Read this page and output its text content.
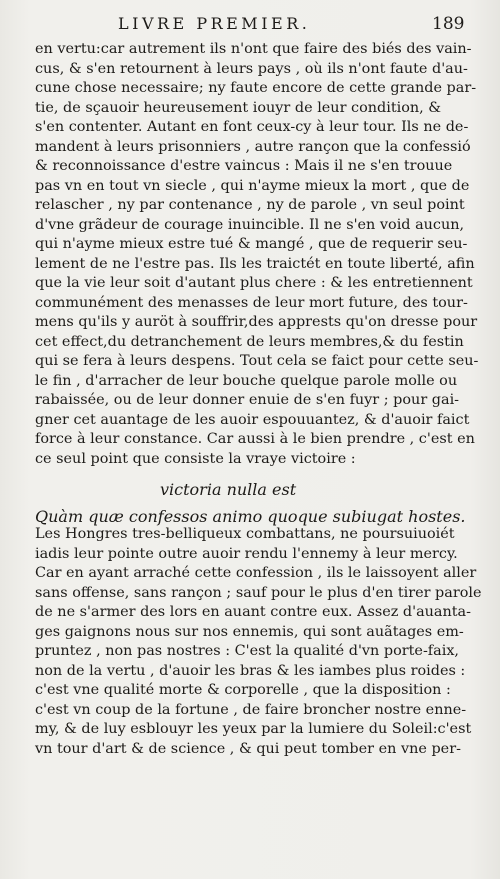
LIVRE PREMIER.	189
en vertu:car autrement ils n'ont que faire des biés des vain-
cus, & s'en retournent à leurs pays , où ils n'ont faute d'au-
cune chose necessaire; ny faute encore de cette grande par-
tie, de sçauoir heureusement iouyr de leur condition, &
s'en contenter. Autant en font ceux-cy à leur tour. Ils ne de-
mandent à leurs prisonniers , autre rançon que la confessió
& reconnoissance d'estre vaincus : Mais il ne s'en trouue
pas vn en tout vn siecle , qui n'ayme mieux la mort , que de
relascher , ny par contenance , ny de parole , vn seul point
d'vne grãdeur de courage inuincible. Il ne s'en void aucun,
qui n'ayme mieux estre tué & mangé , que de requerir seu-
lement de ne l'estre pas. Ils les traictét en toute liberté, afin
que la vie leur soit d'autant plus chere : & les entretiennent
communément des menasses de leur mort future, des tour-
mens qu'ils y auröt à souffrir,des apprests qu'on dresse pour
cet effect,du detranchement de leurs membres,& du festin
qui se fera à leurs despens. Tout cela se faict pour cette seu-
le fin , d'arracher de leur bouche quelque parole molle ou
rabaissée, ou de leur donner enuie de s'en fuyr ; pour gai-
gner cet auantage de les auoir espouuantez, & d'auoir faict
force à leur constance. Car aussi à le bien prendre , c'est en
ce seul point que consiste la vraye victoire :
victoria nulla est
Quàm quæ confessos animo quoque subiugat hostes.
Les Hongres tres-belliqueux combattans, ne poursuiuoiét
iadis leur pointe outre auoir rendu l'ennemy à leur mercy.
Car en ayant arraché cette confession , ils le laissoyent aller
sans offense, sans rançon ; sauf pour le plus d'en tirer parole
de ne s'armer des lors en auant contre eux. Assez d'auanta-
ges gaignons nous sur nos ennemis, qui sont auãtages em-
pruntez , non pas nostres : C'est la qualité d'vn porte-faix,
non de la vertu , d'auoir les bras & les iambes plus roides :
c'est vne qualité morte & corporelle , que la disposition :
c'est vn coup de la fortune , de faire broncher nostre enne-
my, & de luy esblouyr les yeux par la lumiere du Soleil:c'est
vn tour d'art & de science , & qui peut tomber en vne per-
